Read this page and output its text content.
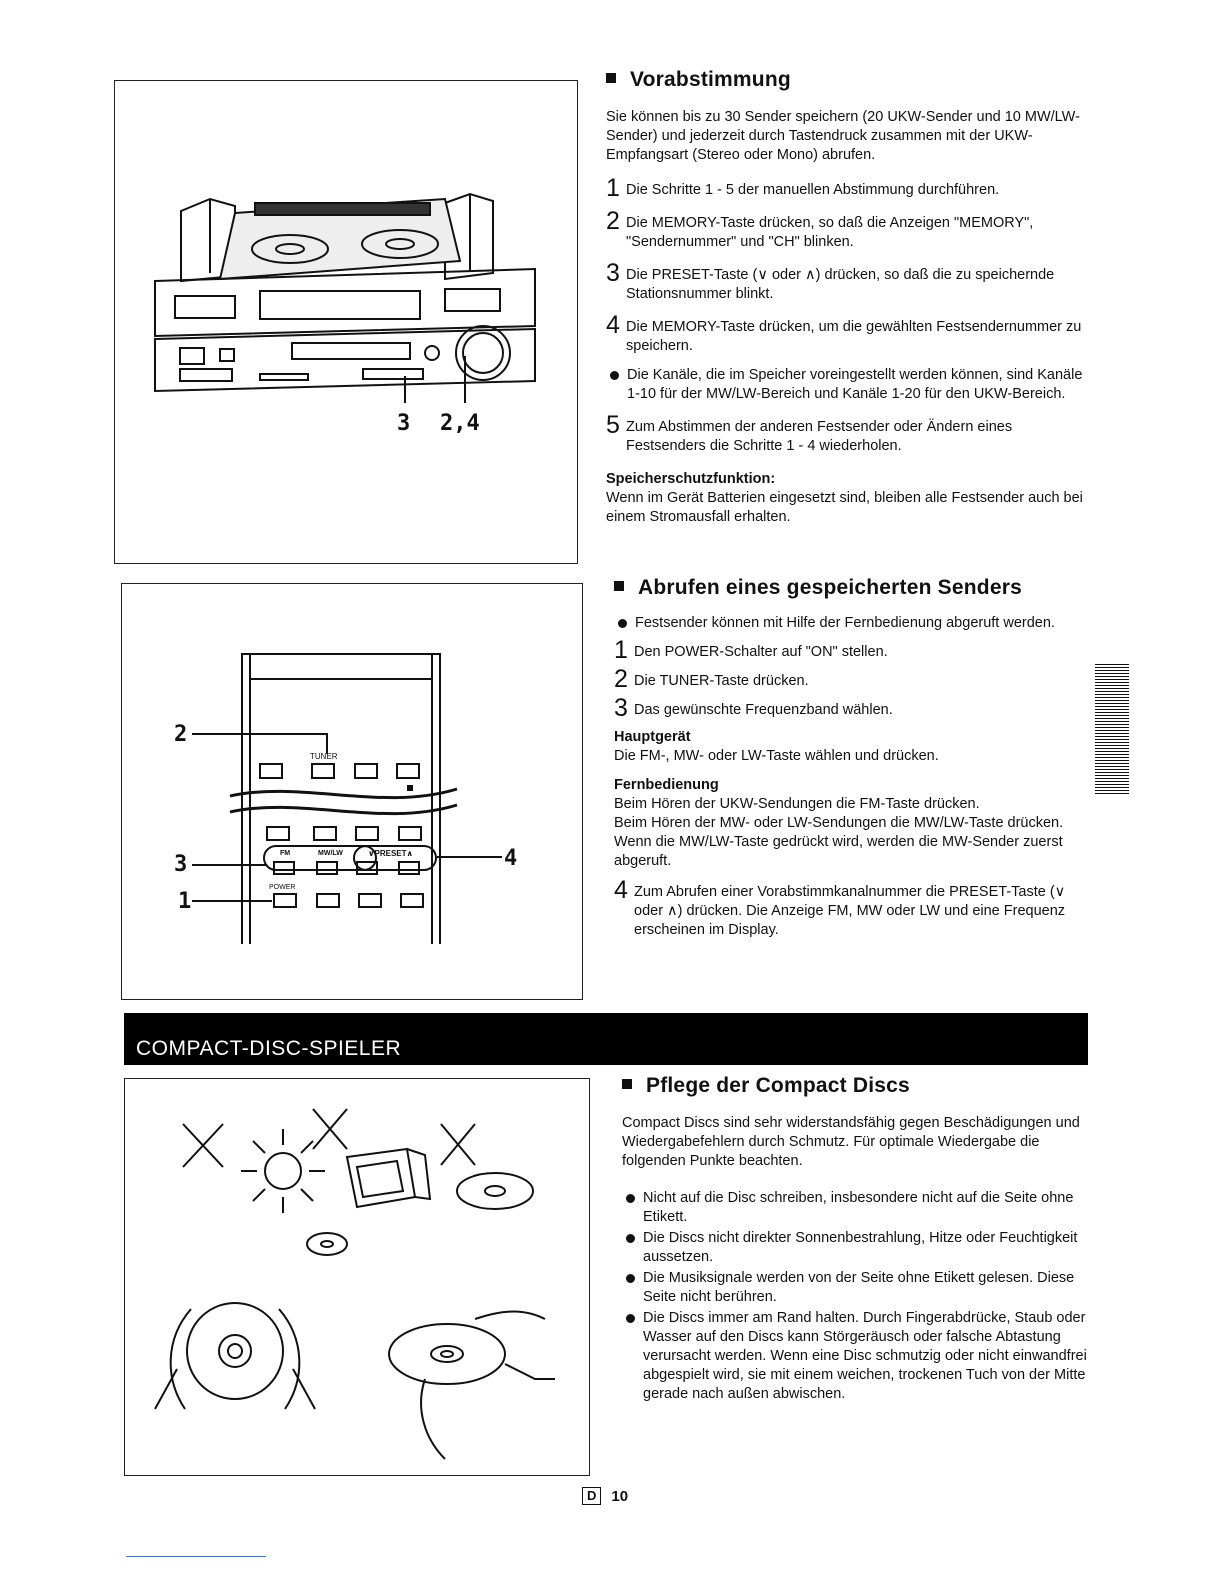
3 2,4
TUNER
FM	MW/LW	∨PRESET∧
POWER
2
3
1
4
Vorabstimmung

Sie können bis zu 30 Sender speichern (20 UKW-Sender und 10 MW/LW-Sender) und jederzeit durch Tastendruck zusammen mit der UKW-Empfangsart (Stereo oder Mono) abrufen.

1 Die Schritte 1 - 5 der manuellen Abstimmung durchführen.
2 Die MEMORY-Taste drücken, so daß die Anzeigen "MEMORY", "Sendernummer" und "CH" blinken.
3 Die PRESET-Taste (∨ oder ∧) drücken, so daß die zu speichernde Stationsnummer blinkt.
4 Die MEMORY-Taste drücken, um die gewählten Festsendernummer zu speichern.
Die Kanäle, die im Speicher voreingestellt werden können, sind Kanäle 1-10 für der MW/LW-Bereich und Kanäle 1-20 für den UKW-Bereich.
5 Zum Abstimmen der anderen Festsender oder Ändern eines Festsenders die Schritte 1 - 4 wiederholen.
Speicherschutzfunktion:
Wenn im Gerät Batterien eingesetzt sind, bleiben alle Festsender auch bei einem Stromausfall erhalten.
Abrufen eines gespeicherten Senders
Festsender können mit Hilfe der Fernbedienung abgeruft werden.
1 Den POWER-Schalter auf "ON" stellen.
2 Die TUNER-Taste drücken.
3 Das gewünschte Frequenzband wählen.
Hauptgerät
Die FM-, MW- oder LW-Taste wählen und drücken.
Fernbedienung
Beim Hören der UKW-Sendungen die FM-Taste drücken.
Beim Hören der MW- oder LW-Sendungen die MW/LW-Taste drücken.
Wenn die MW/LW-Taste gedrückt wird, werden die MW-Sender zuerst abgeruft.
4 Zum Abrufen einer Vorabstimmkanalnummer die PRESET-Taste (∨ oder ∧) drücken. Die Anzeige FM, MW oder LW und eine Frequenz erscheinen im Display.
COMPACT-DISC-SPIELER
Pflege der Compact Discs

Compact Discs sind sehr widerstandsfähig gegen Beschädigungen und Wiedergabefehlern durch Schmutz. Für optimale Wiedergabe die folgenden Punkte beachten.

Nicht auf die Disc schreiben, insbesondere nicht auf die Seite ohne Etikett.
Die Discs nicht direkter Sonnenbestrahlung, Hitze oder Feuchtigkeit aussetzen.
Die Musiksignale werden von der Seite ohne Etikett gelesen. Diese Seite nicht berühren.
Die Discs immer am Rand halten. Durch Fingerabdrücke, Staub oder Wasser auf den Discs kann Störgeräusch oder falsche Abtastung verursacht werden. Wenn eine Disc schmutzig oder nicht einwandfrei abgespielt wird, sie mit einem weichen, trockenen Tuch von der Mitte gerade nach außen abwischen.
D	10
